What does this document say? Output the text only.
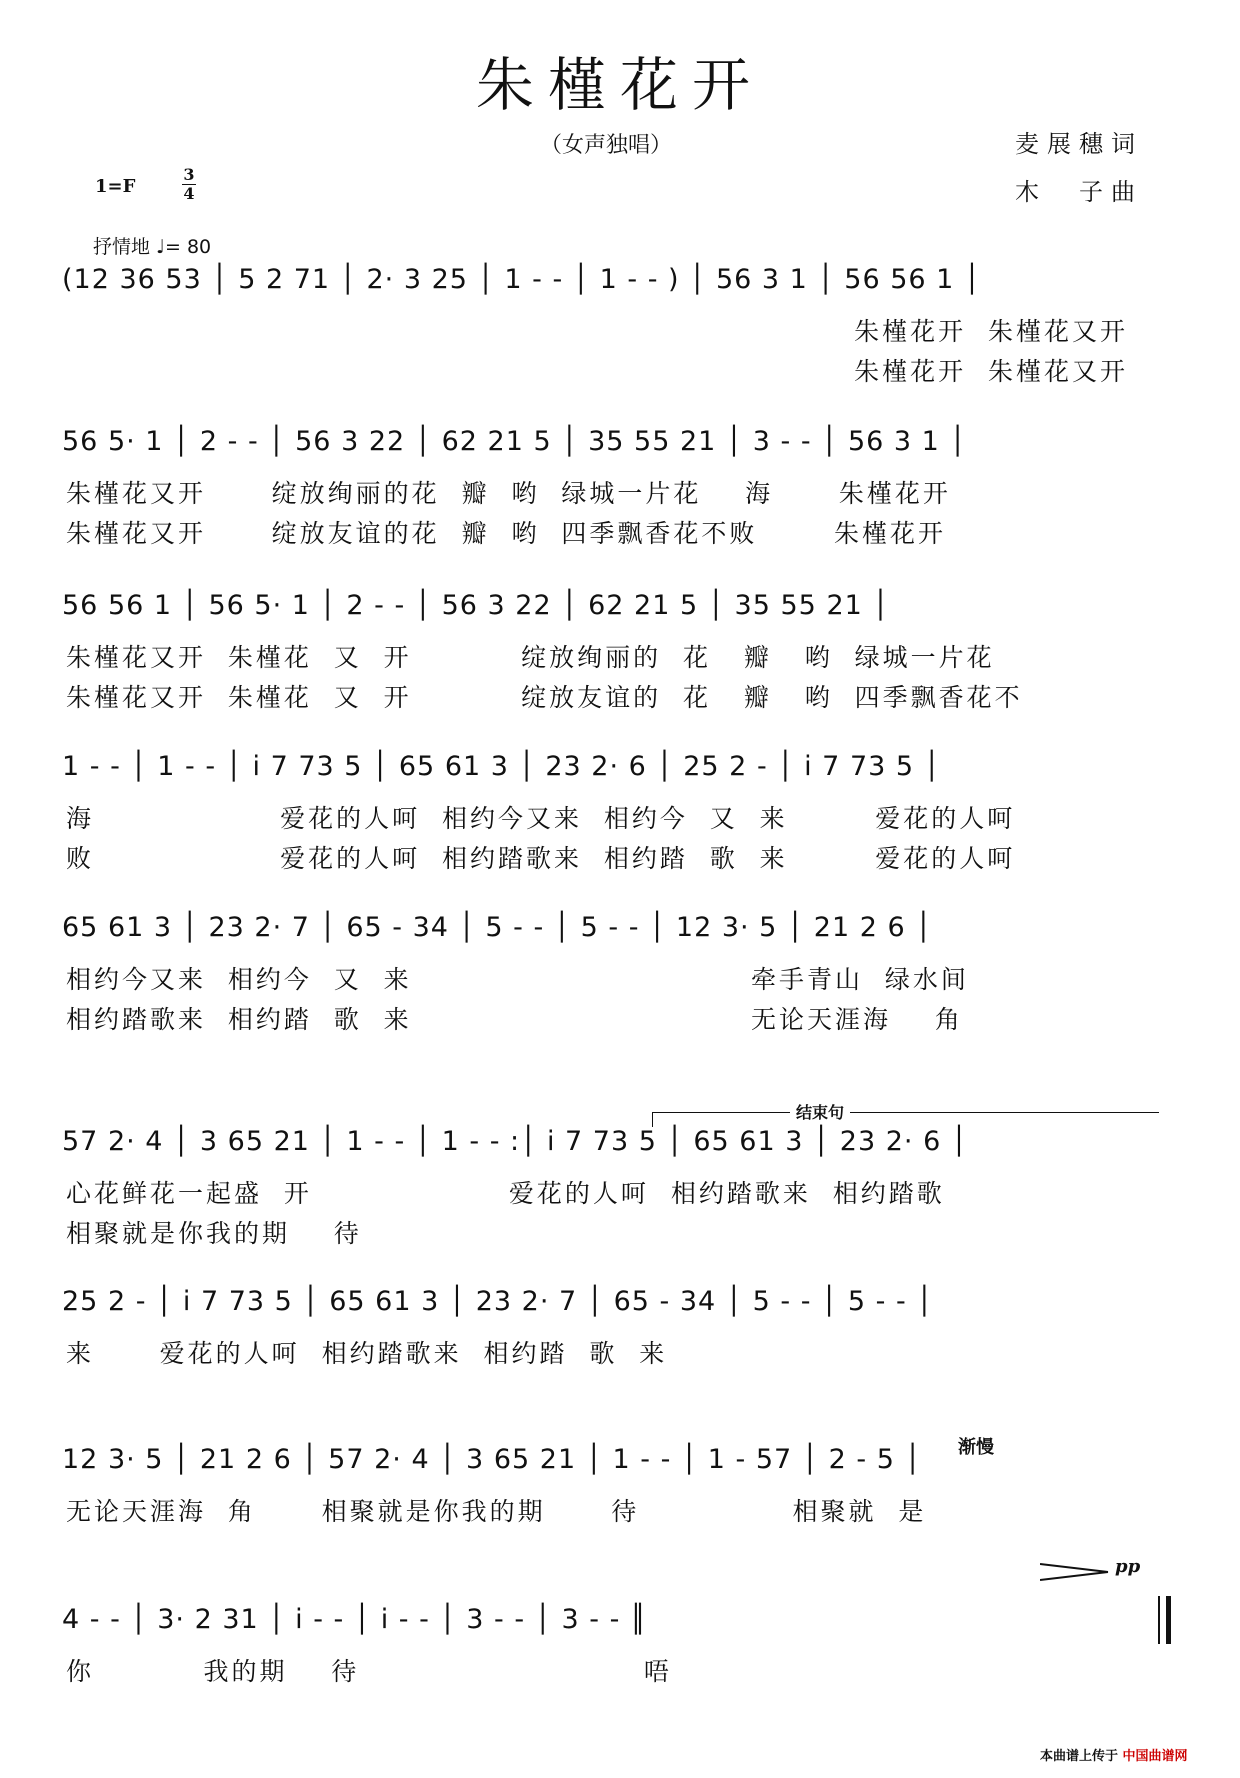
朱槿花开
（女声独唱）	麦展穗词
木　子曲
1=F
3
4
抒情地 ♩= 80
(12 36 53 │ 5 2 71 │ 2· 3 25 │ 1 - - │ 1 - - ) │ 56 3 1 │ 56 56 1 │
朱槿花开  朱槿花又开
朱槿花开  朱槿花又开
56 5· 1 │ 2 - - │ 56 3 22 │ 62 21 5 │ 35 55 21 │ 3 - - │ 56 3 1 │
朱槿花又开      绽放绚丽的花  瓣  哟  绿城一片花    海      朱槿花开
朱槿花又开      绽放友谊的花  瓣  哟  四季飘香花不败       朱槿花开
56 56 1 │ 56 5· 1 │ 2 - - │ 56 3 22 │ 62 21 5 │ 35 55 21 │
朱槿花又开  朱槿花  又  开          绽放绚丽的  花   瓣   哟  绿城一片花
朱槿花又开  朱槿花  又  开          绽放友谊的  花   瓣   哟  四季飘香花不
1 - - │ 1 - - │ i 7 73 5 │ 65 61 3 │ 23 2· 6 │ 25 2 - │ i 7 73 5 │
海                 爱花的人呵  相约今又来  相约今  又  来        爱花的人呵
败                 爱花的人呵  相约踏歌来  相约踏  歌  来        爱花的人呵
65 61 3 │ 23 2· 7 │ 65 - 34 │ 5 - - │ 5 - - │ 12 3· 5 │ 21 2 6 │
相约今又来  相约今  又  来                               牵手青山  绿水间
相约踏歌来  相约踏  歌  来                               无论天涯海    角
57 2· 4 │ 3 65 21 │ 1 - - │ 1 - - :│ i 7 73 5 │ 65 61 3 │ 23 2· 6 │
心花鲜花一起盛  开                  爱花的人呵  相约踏歌来  相约踏歌
相聚就是你我的期    待
25 2 - │ i 7 73 5 │ 65 61 3 │ 23 2· 7 │ 65 - 34 │ 5 - - │ 5 - - │
来      爱花的人呵  相约踏歌来  相约踏  歌  来
12 3· 5 │ 21 2 6 │ 57 2· 4 │ 3 65 21 │ 1 - - │ 1 - 57 │ 2 - 5 │
无论天涯海  角      相聚就是你我的期      待              相聚就  是
4 - - │ 3· 2 31 │ i - - │ i - - │ 3 - - │ 3 - - ║
你          我的期    待                          唔
结束句
渐慢
pp
本曲谱上传于 中国曲谱网
